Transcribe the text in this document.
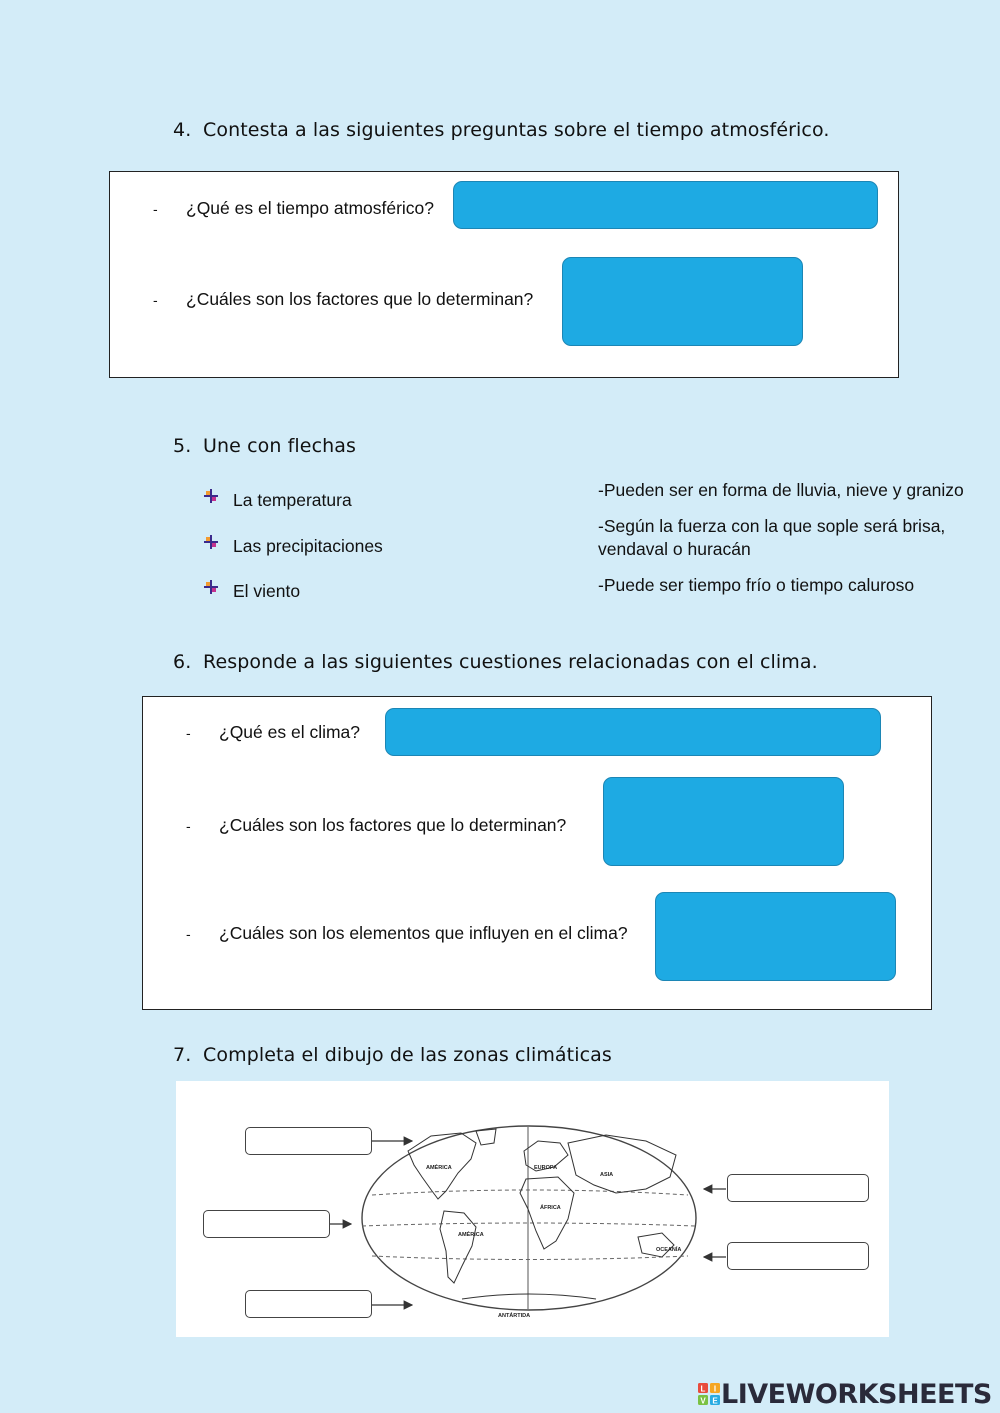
4. Contesta a las siguientes preguntas sobre el tiempo atmosférico.
- ¿Qué es el tiempo atmosférico?
- ¿Cuáles son los factores que lo determinan?
5. Une con flechas
La temperatura
Las precipitaciones
El viento
-Pueden ser en forma de lluvia, nieve y granizo
-Según la fuerza con la que sople será brisa, vendaval o huracán
-Puede ser tiempo frío o tiempo caluroso
6. Responde a las siguientes cuestiones relacionadas con el clima.
- ¿Qué es el clima?
- ¿Cuáles son los factores que lo determinan?
- ¿Cuáles son los elementos que influyen en el clima?
7. Completa el dibujo de las zonas climáticas
AMÉRICA	EUROPA
ASIA
ÁFRICA
AMÉRICA
OCEANÍA
ANTÁRTIDA
L I
V E LIVEWORKSHEETS
